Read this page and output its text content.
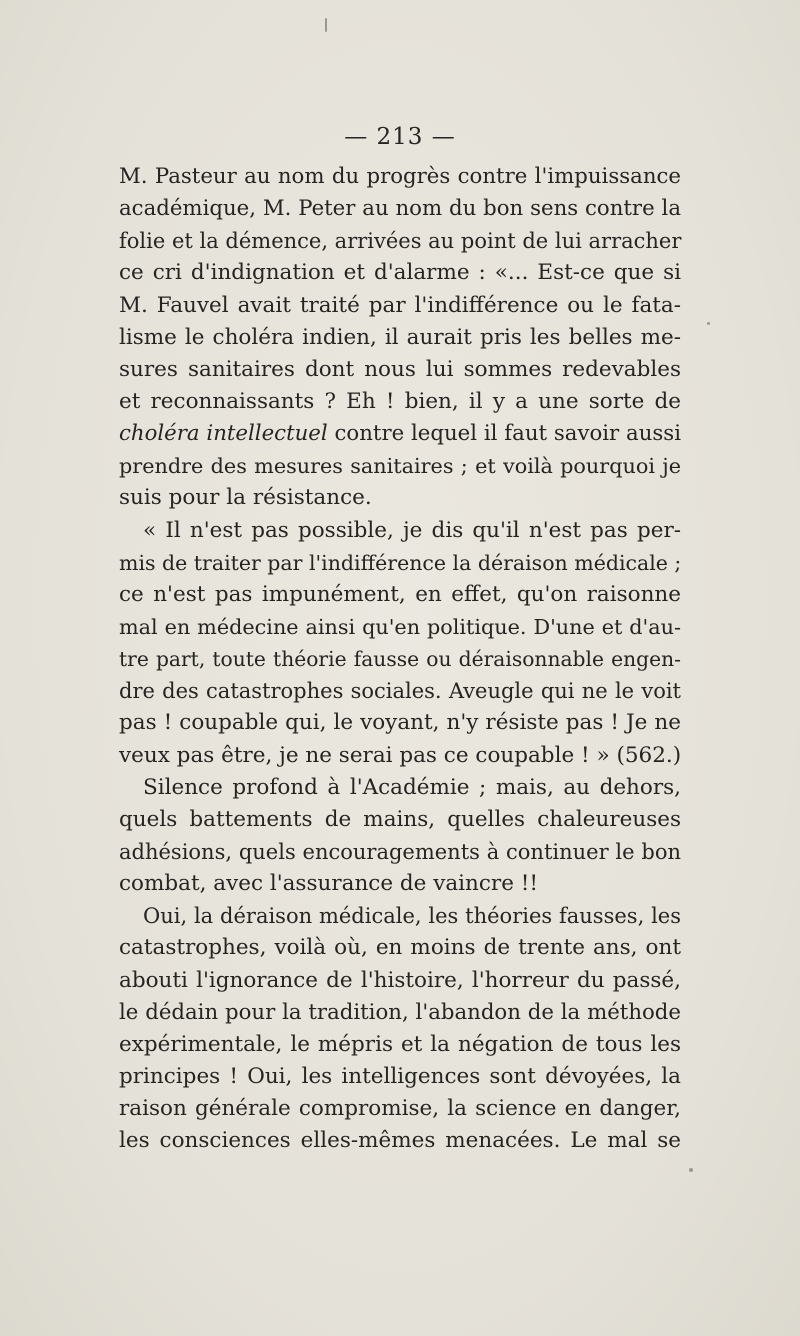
— 213 —
M. Pasteur au nom du progrès contre l'impuissance
académique, M. Peter au nom du bon sens contre la
folie et la démence, arrivées au point de lui arracher
ce cri d'indignation et d'alarme : «... Est-ce que si
M. Fauvel avait traité par l'indifférence ou le fata-
lisme le choléra indien, il aurait pris les belles me-
sures sanitaires dont nous lui sommes redevables
et reconnaissants ? Eh ! bien, il y a une sorte de
choléra intellectuel contre lequel il faut savoir aussi
prendre des mesures sanitaires ; et voilà pourquoi je
suis pour la résistance.
« Il n'est pas possible, je dis qu'il n'est pas per-
mis de traiter par l'indifférence la déraison médicale ;
ce n'est pas impunément, en effet, qu'on raisonne
mal en médecine ainsi qu'en politique. D'une et d'au-
tre part, toute théorie fausse ou déraisonnable engen-
dre des catastrophes sociales. Aveugle qui ne le voit
pas ! coupable qui, le voyant, n'y résiste pas ! Je ne
veux pas être, je ne serai pas ce coupable ! » (562.)
Silence profond à l'Académie ; mais, au dehors,
quels battements de mains, quelles chaleureuses
adhésions, quels encouragements à continuer le bon
combat, avec l'assurance de vaincre !!
Oui, la déraison médicale, les théories fausses, les
catastrophes, voilà où, en moins de trente ans, ont
abouti l'ignorance de l'histoire, l'horreur du passé,
le dédain pour la tradition, l'abandon de la méthode
expérimentale, le mépris et la négation de tous les
principes ! Oui, les intelligences sont dévoyées, la
raison générale compromise, la science en danger,
les consciences elles-mêmes menacées. Le mal se
